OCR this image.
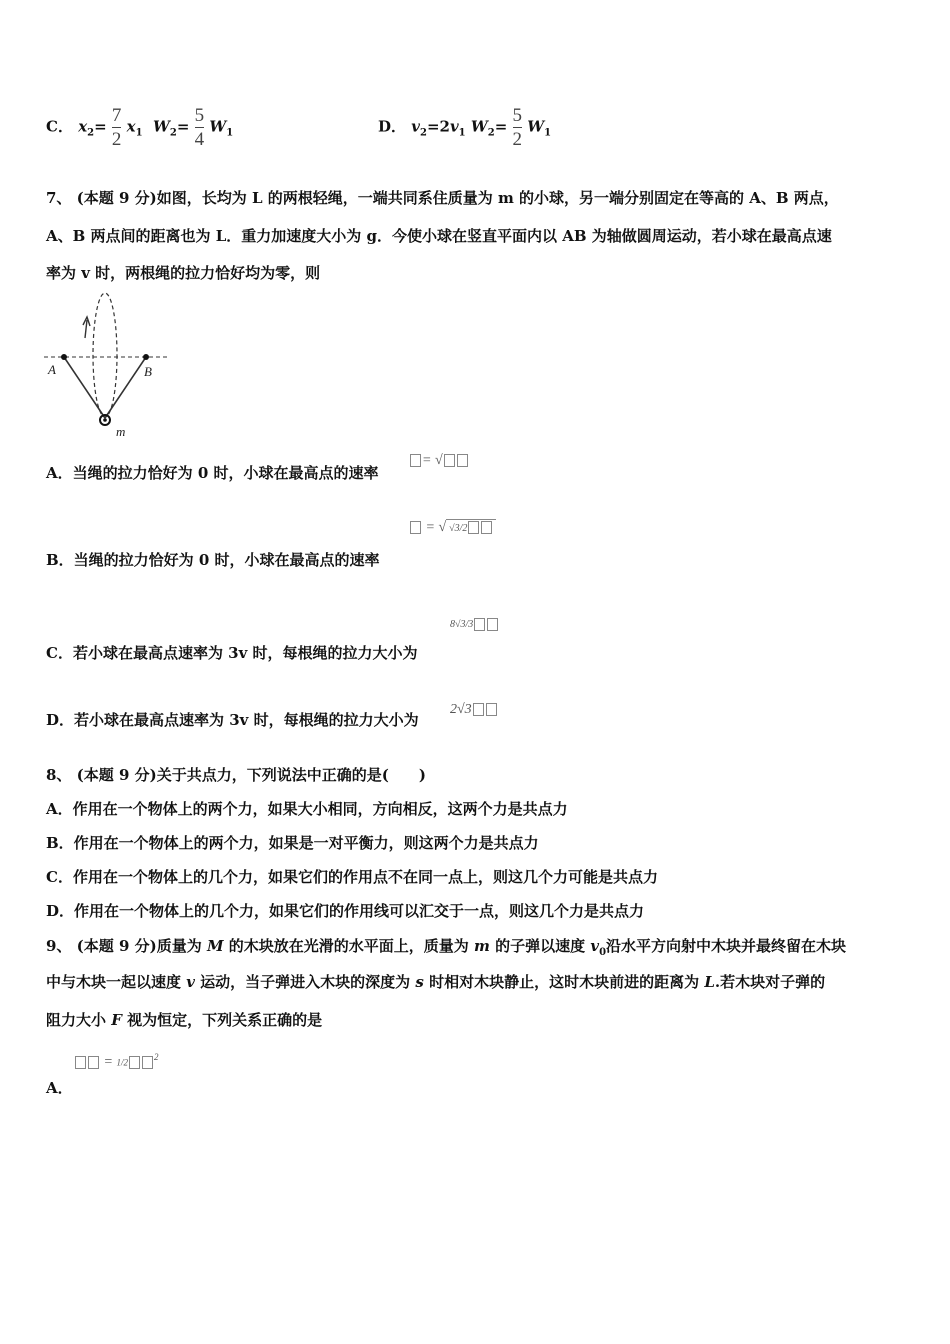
C． $x_2= \frac{7}{2} x_1$ $W_2= \frac{5}{4} W_1$	D． $v_2=2v_1$ $W_2= \frac{5}{2} W_1$
7、 (本题 9 分)如图，长均为 L 的两根轻绳，一端共同系住质量为 m 的小球，另一端分别固定在等高的 A、B 两点，
A、B 两点间的距离也为 L．重力加速度大小为 g．今使小球在竖直平面内以 AB 为轴做圆周运动，若小球在最高点速
率为 v 时，两根绳的拉力恰好均为零，则
A	B
m
A．当绳的拉力恰好为 0 时，小球在最高点的速率
= √
B．当绳的拉力恰好为 0 时，小球在最高点的速率
= √ √3/2
C．若小球在最高点速率为 3v 时，每根绳的拉力大小为
8√3/3
D．若小球在最高点速率为 3v 时，每根绳的拉力大小为
2√3
8、 (本题 9 分)关于共点力，下列说法中正确的是(　　)
A．作用在一个物体上的两个力，如果大小相同，方向相反，这两个力是共点力
B．作用在一个物体上的两个力，如果是一对平衡力，则这两个力是共点力
C．作用在一个物体上的几个力，如果它们的作用点不在同一点上，则这几个力可能是共点力
D．作用在一个物体上的几个力，如果它们的作用线可以汇交于一点，则这几个力是共点力
9、 (本题 9 分)质量为 M 的木块放在光滑的水平面上，质量为 m 的子弹以速度 $v_0$沿水平方向射中木块并最终留在木块
中与木块一起以速度 v 运动，当子弹进入木块的深度为 s 时相对木块静止，这时木块前进的距离为 L.若木块对子弹的
阻力大小 F 视为恒定，下列关系正确的是
= $1/2^2$
A．
